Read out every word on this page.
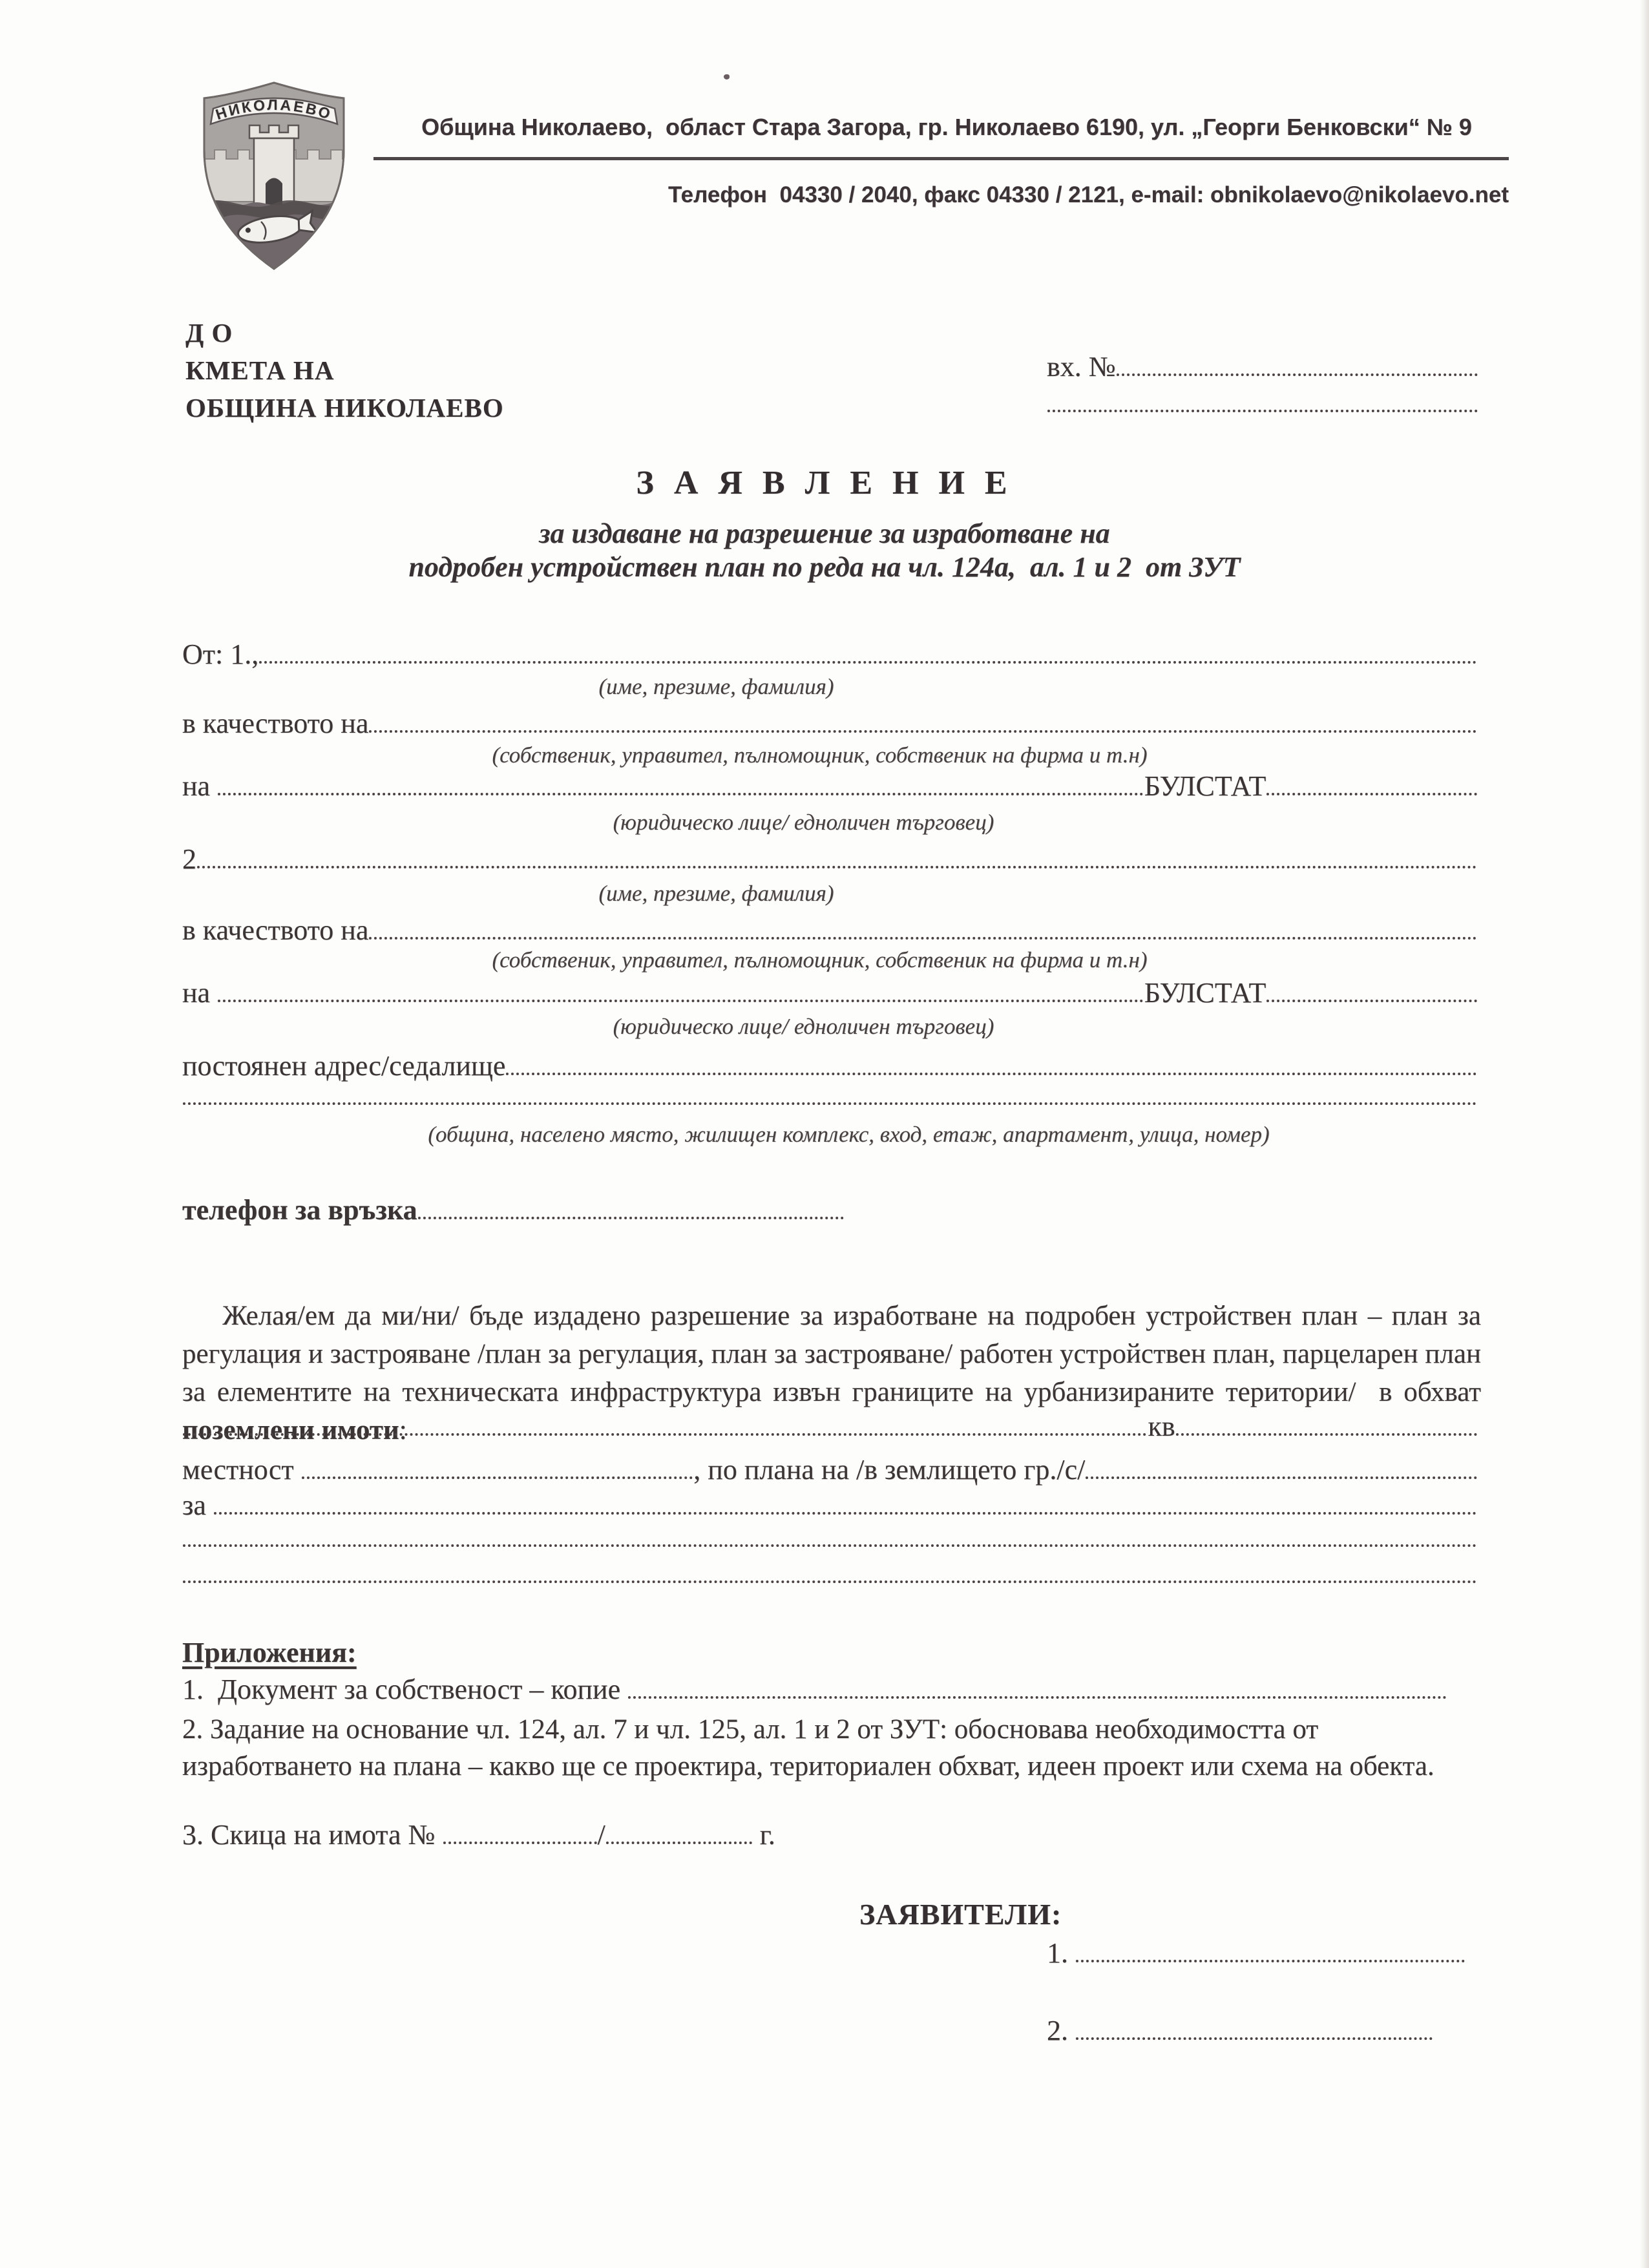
НИКОЛАЕВО
Община Николаево,  област Стара Загора, гр. Николаево 6190, ул. „Георги Бенковски“ № 9
Телефон  04330 / 2040, факс 04330 / 2121, e-mail: obnikolaevo@nikolaevo.net
Д О
КМЕТА НА
ОБЩИНА НИКОЛАЕВО
вх. №
З А Я В Л Е Н И Е
за издаване на разрешение за изработване на
подробен устройствен план по реда на чл. 124а,  ал. 1 и 2  от ЗУТ
От: 1.,
(име, презиме, фамилия)
в качеството на
(собственик, управител, пълномощник, собственик на фирма и т.н)
на	БУЛСТАТ
(юридическо лице/ едноличен търговец)
2
(име, презиме, фамилия)
в качеството на
(собственик, управител, пълномощник, собственик на фирма и т.н)
на	БУЛСТАТ
(юридическо лице/ едноличен търговец)
постоянен адрес/седалище
(община, населено място, жилищен комплекс, вход, етаж, апартамент, улица, номер)
телефон за връзка

Желая/ем да ми/ни/ бъде издадено разрешение за изработване на подробен устройствен план – план за регулация и застрояване /план за регулация, план за застрояване/ работен устройствен план, парцеларен план за елементите на техническата инфраструктура извън границите на урбанизираните територии/  в обхват поземлени имоти:
	кв
местност	, по плана на /в землището гр./с/
за
Приложения:
1.  Документ за собственост – копие
2. Задание на основание чл. 124, ал. 7 и чл. 125, ал. 1 и 2 от ЗУТ: обосновава необходимостта от изработването на плана – какво ще се проектира, териториален обхват, идеен проект или схема на обекта.
3. Скица на имота №	/	г.
ЗАЯВИТЕЛИ:
1.
2.
